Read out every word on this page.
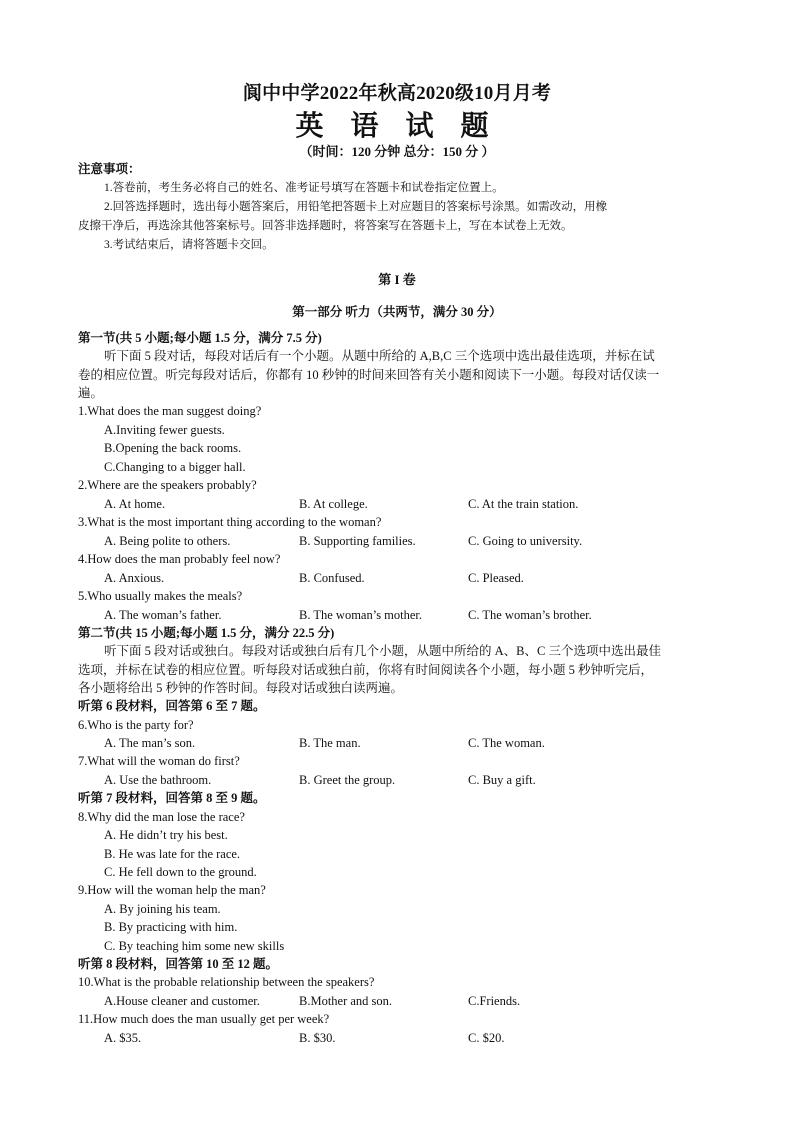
阆中中学2022年秋高2020级10月月考
英 语 试 题
（时间：120 分钟 总分：150 分 ）
注意事项：
1.答卷前，考生务必将自己的姓名、准考证号填写在答题卡和试卷指定位置上。
2.回答选择题时，选出每小题答案后，用铅笔把答题卡上对应题目的答案标号涂黑。如需改动，用橡
皮擦干净后，再选涂其他答案标号。回答非选择题时，将答案写在答题卡上，写在本试卷上无效。
3.考试结束后，请将答题卡交回。
第 I 卷
第一部分 听力（共两节，满分 30 分）
第一节(共 5 小题;每小题 1.5 分，满分 7.5 分)
听下面 5 段对话，每段对话后有一个小题。从题中所给的 A,B,C 三个选项中选出最佳选项，并标在试
卷的相应位置。听完每段对话后，你都有 10 秒钟的时间来回答有关小题和阅读下一小题。每段对话仅读一
遍。
1.What does the man suggest doing?
A.Inviting fewer guests.
B.Opening the back rooms.
C.Changing to a bigger hall.
2.Where are the speakers probably?
A. At home.	B. At college.	C. At the train station.
3.What is the most important thing according to the woman?
A. Being polite to others.	B. Supporting families.	C. Going to university.
4.How does the man probably feel now?
A. Anxious.	B. Confused.	C. Pleased.
5.Who usually makes the meals?
A. The woman’s father.	B. The woman’s mother.	C. The woman’s brother.
第二节(共 15 小题;每小题 1.5 分，满分 22.5 分)
听下面 5 段对话或独白。每段对话或独白后有几个小题，从题中所给的 A、B、C 三个选项中选出最佳
选项，并标在试卷的相应位置。听每段对话或独白前，你将有时间阅读各个小题，每小题 5 秒钟听完后，
各小题将给出 5 秒钟的作答时间。每段对话或独白读两遍。
听第 6 段材料，回答第 6 至 7 题。
6.Who is the party for?
A. The man’s son.	B. The man.	C. The woman.
7.What will the woman do first?
A. Use the bathroom.	B. Greet the group.	C. Buy a gift.
听第 7 段材料，回答第 8 至 9 题。
8.Why did the man lose the race?
A. He didn’t try his best.
B. He was late for the race.
C. He fell down to the ground.
9.How will the woman help the man?
A. By joining his team.
B. By practicing with him.
C. By teaching him some new skills
听第 8 段材料，回答第 10 至 12 题。
10.What is the probable relationship between the speakers?
A.House cleaner and customer.	B.Mother and son.	C.Friends.
11.How much does the man usually get per week?
A. $35.	B. $30.	C. $20.
